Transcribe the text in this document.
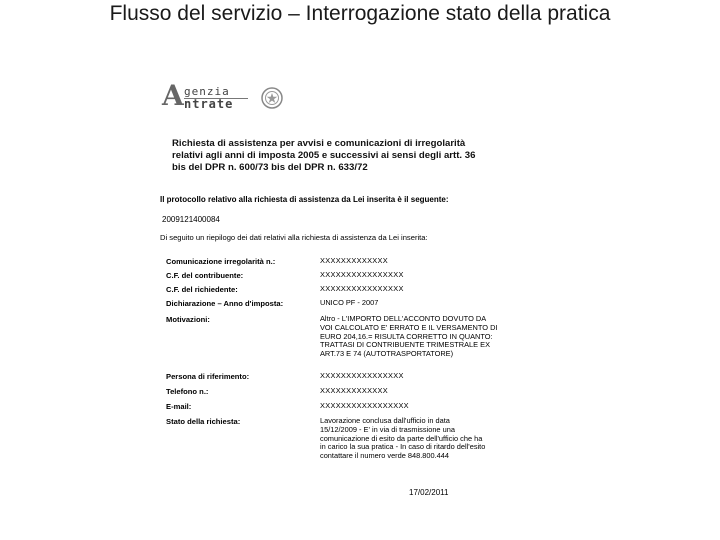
Flusso del servizio – Interrogazione stato della pratica
A genzia
ntrate
Richiesta di assistenza per avvisi e comunicazioni di irregolarità
relativi agli anni di imposta 2005 e successivi ai sensi degli artt. 36
bis del DPR n. 600/73 bis del DPR n. 633/72
Il protocollo relativo alla richiesta di assistenza da Lei inserita è il seguente:
2009121400084
Di seguito un riepilogo dei dati relativi alla richiesta di assistenza da Lei inserita:
Comunicazione irregolarità n.:	XXXXXXXXXXXXX
C.F. del contribuente:	XXXXXXXXXXXXXXXX
C.F. del richiedente:	XXXXXXXXXXXXXXXX
Dichiarazione – Anno d'imposta:	UNICO PF - 2007
Motivazioni:	Altro - L'IMPORTO DELL'ACCONTO DOVUTO DA
VOI CALCOLATO E' ERRATO E IL VERSAMENTO DI
EURO 204,16.= RISULTA CORRETTO IN QUANTO:
TRATTASI DI CONTRIBUENTE TRIMESTRALE EX
ART.73 E 74 (AUTOTRASPORTATORE)
Persona di riferimento:	XXXXXXXXXXXXXXXX
Telefono n.:	XXXXXXXXXXXXX
E-mail:	XXXXXXXXXXXXXXXXX
Stato della richiesta:	Lavorazione conclusa dall'ufficio in data
15/12/2009 - E' in via di trasmissione una
comunicazione di esito da parte dell'ufficio che ha
in carico la sua pratica - In caso di ritardo dell'esito
contattare il numero verde 848.800.444
17/02/2011
